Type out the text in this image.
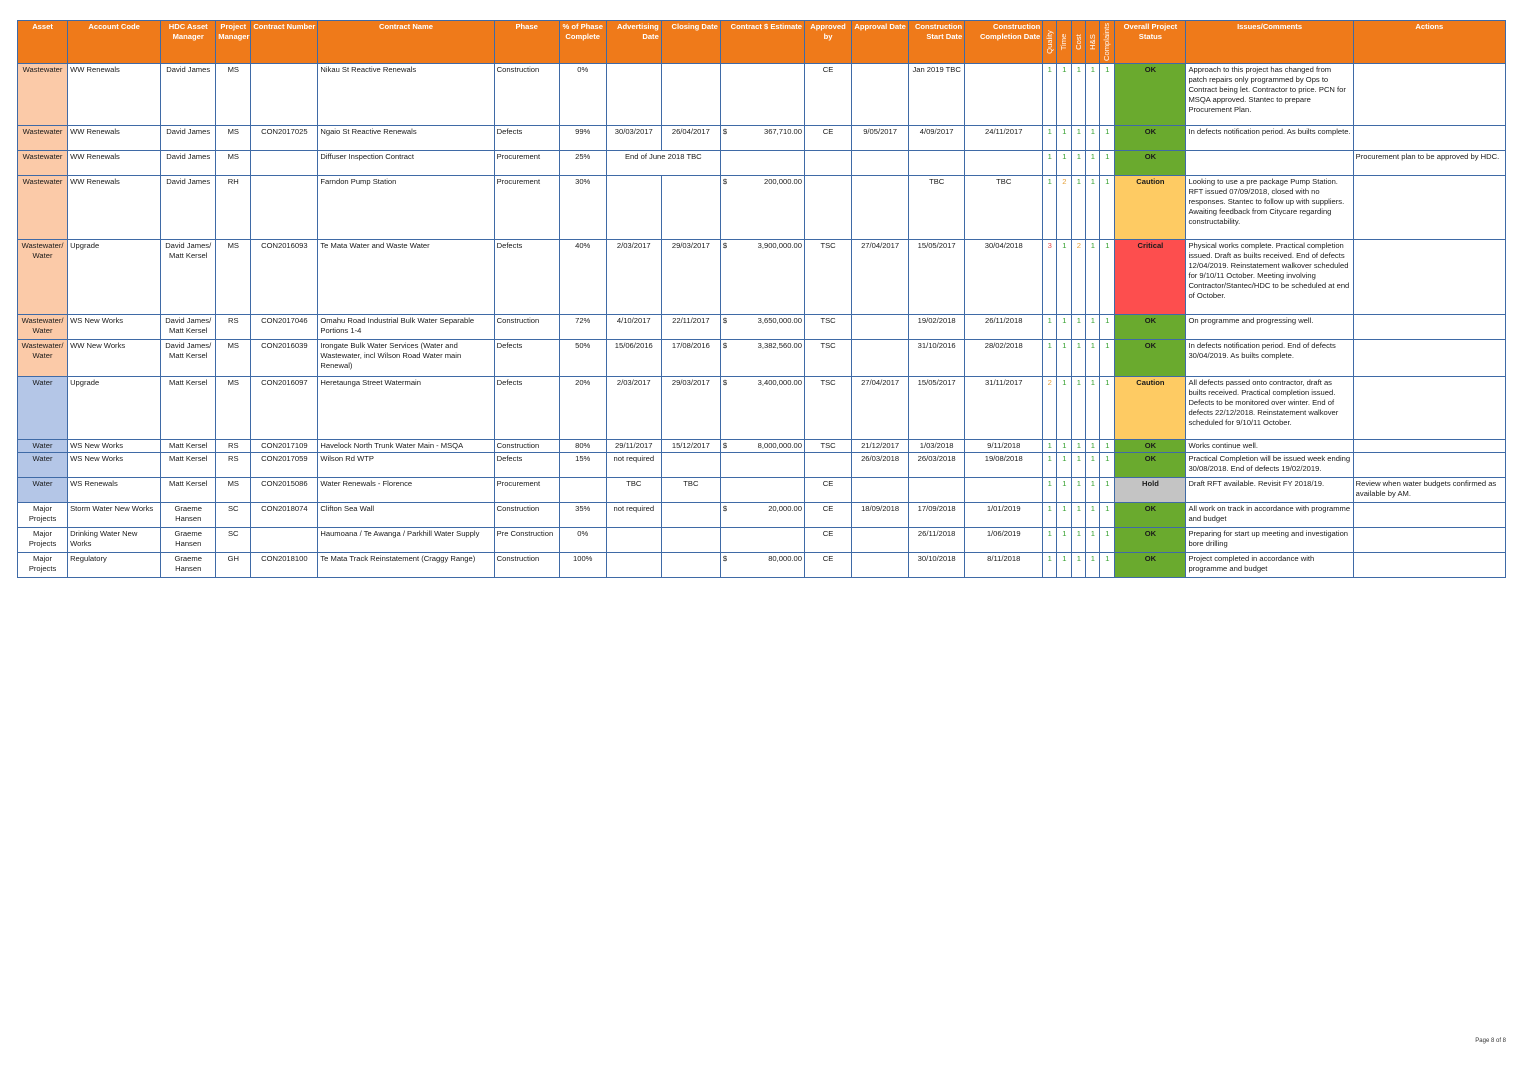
Asset	Account Code	HDC Asset Manager	Project Manager	Contract Number	Contract Name	Phase	% of Phase Complete	Advertising Date	Closing Date	Contract $ Estimate	Approved by	Approval Date	Construction Start Date	Construction Completion Date	Quality	Time	Cost	H&S	Complaints	Overall Project Status	Issues/Comments	Actions
Wastewater	WW Renewals	David James	MS		Nikau St Reactive Renewals	Construction	0%				CE		Jan 2019 TBC		1	1	1	1	1	OK	Approach to this project has changed from patch repairs only programmed by Ops to Contract being let. Contractor to price. PCN for MSQA approved. Stantec to prepare Procurement Plan.	
Wastewater	WW Renewals	David James	MS	CON2017025	Ngaio St Reactive Renewals	Defects	99%	30/03/2017	26/04/2017	$ 367,710.00	CE	9/05/2017	4/09/2017	24/11/2017	1	1	1	1	1	OK	In defects notification period. As builts complete.	
Wastewater	WW Renewals	David James	MS		Diffuser Inspection Contract	Procurement	25%	End of June 2018 TBC							1	1	1	1	1	OK		Procurement plan to be approved by HDC.
Wastewater	WW Renewals	David James	RH		Farndon Pump Station	Procurement	30%			$ 200,000.00			TBC	TBC	1	2	1	1	1	Caution	Looking to use a pre package Pump Station. RFT issued 07/09/2018, closed with no responses. Stantec to follow up with suppliers. Awaiting feedback from Citycare regarding constructability.	
Wastewater/ Water	Upgrade	David James/ Matt Kersel	MS	CON2016093	Te Mata Water and Waste Water	Defects	40%	2/03/2017	29/03/2017	$ 3,900,000.00	TSC	27/04/2017	15/05/2017	30/04/2018	3	1	2	1	1	Critical	Physical works complete. Practical completion issued. Draft as builts received. End of defects 12/04/2019. Reinstatement walkover scheduled for 9/10/11 October. Meeting involving Contractor/Stantec/HDC to be scheduled at end of October.	
Wastewater/ Water	WS New Works	David James/ Matt Kersel	RS	CON2017046	Omahu Road Industrial Bulk Water Separable Portions 1-4	Construction	72%	4/10/2017	22/11/2017	$ 3,650,000.00	TSC		19/02/2018	26/11/2018	1	1	1	1	1	OK	On programme and progressing well.	
Wastewater/ Water	WW New Works	David James/ Matt Kersel	MS	CON2016039	Irongate Bulk Water Services (Water and Wastewater, incl Wilson Road Water main Renewal)	Defects	50%	15/06/2016	17/08/2016	$ 3,382,560.00	TSC		31/10/2016	28/02/2018	1	1	1	1	1	OK	In defects notification period. End of defects 30/04/2019. As builts complete.	
Water	Upgrade	Matt Kersel	MS	CON2016097	Heretaunga Street Watermain	Defects	20%	2/03/2017	29/03/2017	$ 3,400,000.00	TSC	27/04/2017	15/05/2017	31/11/2017	2	1	1	1	1	Caution	All defects passed onto contractor, draft as builts received. Practical completion issued. Defects to be monitored over winter. End of defects 22/12/2018. Reinstatement walkover scheduled for 9/10/11 October.	
Water	WS New Works	Matt Kersel	RS	CON2017109	Havelock North Trunk Water Main - MSQA	Construction	80%	29/11/2017	15/12/2017	$ 8,000,000.00	TSC	21/12/2017	1/03/2018	9/11/2018	1	1	1	1	1	OK	Works continue well.	
Water	WS New Works	Matt Kersel	RS	CON2017059	Wilson Rd WTP	Defects	15%	not required				26/03/2018	26/03/2018	19/08/2018	1	1	1	1	1	OK	Practical Completion will be issued week ending 30/08/2018. End of defects 19/02/2019.	
Water	WS Renewals	Matt Kersel	MS	CON2015086	Water Renewals - Florence	Procurement		TBC	TBC		CE				1	1	1	1	1	Hold	Draft RFT available. Revisit FY 2018/19.	Review when water budgets confirmed as available by AM.
Major Projects	Storm Water New Works	Graeme Hansen	SC	CON2018074	Clifton Sea Wall	Construction	35%	not required		$ 20,000.00	CE	18/09/2018	17/09/2018	1/01/2019	1	1	1	1	1	OK	All work on track in accordance with programme and budget	
Major Projects	Drinking Water New Works	Graeme Hansen	SC		Haumoana / Te Awanga / Parkhill Water Supply	Pre Construction	0%				CE		26/11/2018	1/06/2019	1	1	1	1	1	OK	Preparing for start up meeting and investigation bore drilling	
Major Projects	Regulatory	Graeme Hansen	GH	CON2018100	Te Mata Track Reinstatement (Craggy Range)	Construction	100%			$ 80,000.00	CE		30/10/2018	8/11/2018	1	1	1	1	1	OK	Project completed in accordance with programme and budget	
Page 8 of 8
